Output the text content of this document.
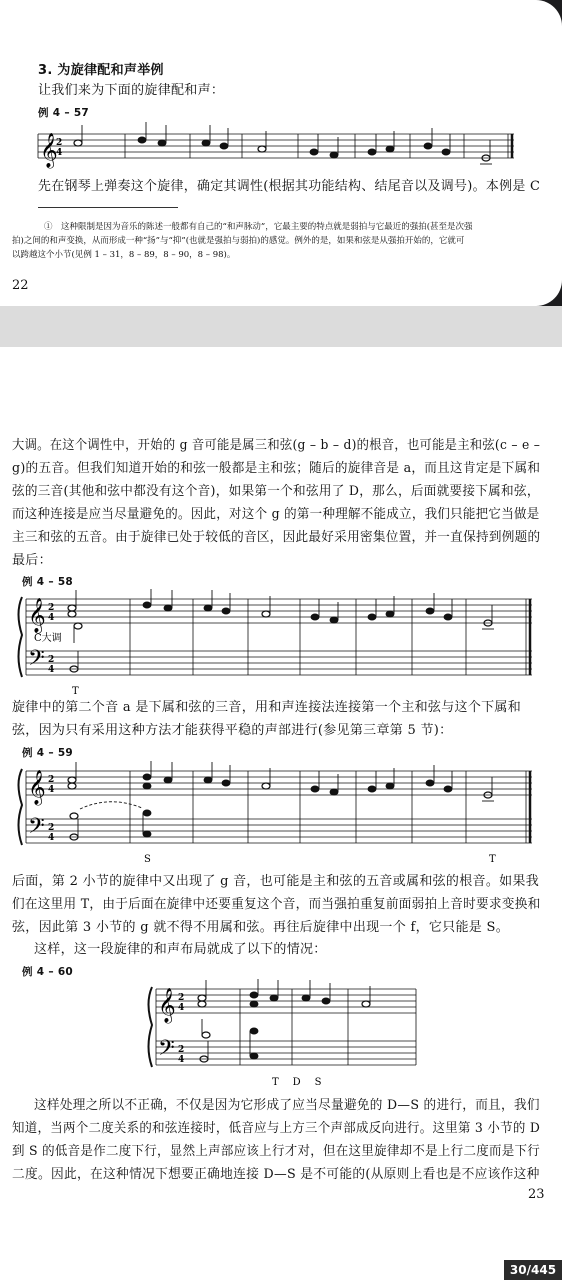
3. 为旋律配和声举例
让我们来为下面的旋律配和声：
例 4 – 57
𝄞
2
4
先在钢琴上弹奏这个旋律，确定其调性(根据其功能结构、结尾音以及调号)。本例是 C
①　这种限制是因为音乐的陈述一般都有自己的“和声脉动”，它最主要的特点就是弱拍与它最近的强拍(甚至是次强
拍)之间的和声变换，从而形成一种“扬”与“抑”(也就是强拍与弱拍)的感觉。例外的是，如果和弦是从强拍开始的，它就可
以跨越这个小节(见例 1 – 31，8 – 89，8 – 90，8 – 98)。
22
大调。在这个调性中，开始的 g 音可能是属三和弦(g – b – d)的根音，也可能是主和弦(c – e –
g)的五音。但我们知道开始的和弦一般都是主和弦；随后的旋律音是 a，而且这肯定是下属和
弦的三音(其他和弦中都没有这个音)，如果第一个和弦用了 D，那么，后面就要接下属和弦，
而这种连接是应当尽量避免的。因此，对这个 g 的第一种理解不能成立，我们只能把它当做是
主三和弦的五音。由于旋律已处于较低的音区，因此最好采用密集位置，并一直保持到例题的
最后：
例 4 – 58
𝄞
𝄢
2
4
2
4
C大调
T
旋律中的第二个音 a 是下属和弦的三音，用和声连接法连接第一个主和弦与这个下属和
弦，因为只有采用这种方法才能获得平稳的声部进行(参见第三章第 5 节)：
例 4 – 59
𝄞
𝄢
2
4
2
4
S	T
后面，第 2 小节的旋律中又出现了 g 音，也可能是主和弦的五音或属和弦的根音。如果我
们在这里用 T，由于后面在旋律中还要重复这个音，而当强拍重复前面弱拍上音时要求变换和
弦，因此第 3 小节的 g 就不得不用属和弦。再往后旋律中出现一个 f，它只能是 S。
这样，这一段旋律的和声布局就成了以下的情况：
例 4 – 60
𝄞
𝄢
2
4
2
4
T　D　S
这样处理之所以不正确，不仅是因为它形成了应当尽量避免的 D—S 的进行，而且，我们
知道，当两个二度关系的和弦连接时，低音应与上方三个声部成反向进行。这里第 3 小节的 D
到 S 的低音是作二度下行，显然上声部应该上行才对，但在这里旋律却不是上行二度而是下行
二度。因此，在这种情况下想要正确地连接 D—S 是不可能的(从原则上看也是不应该作这种
23
30/445
